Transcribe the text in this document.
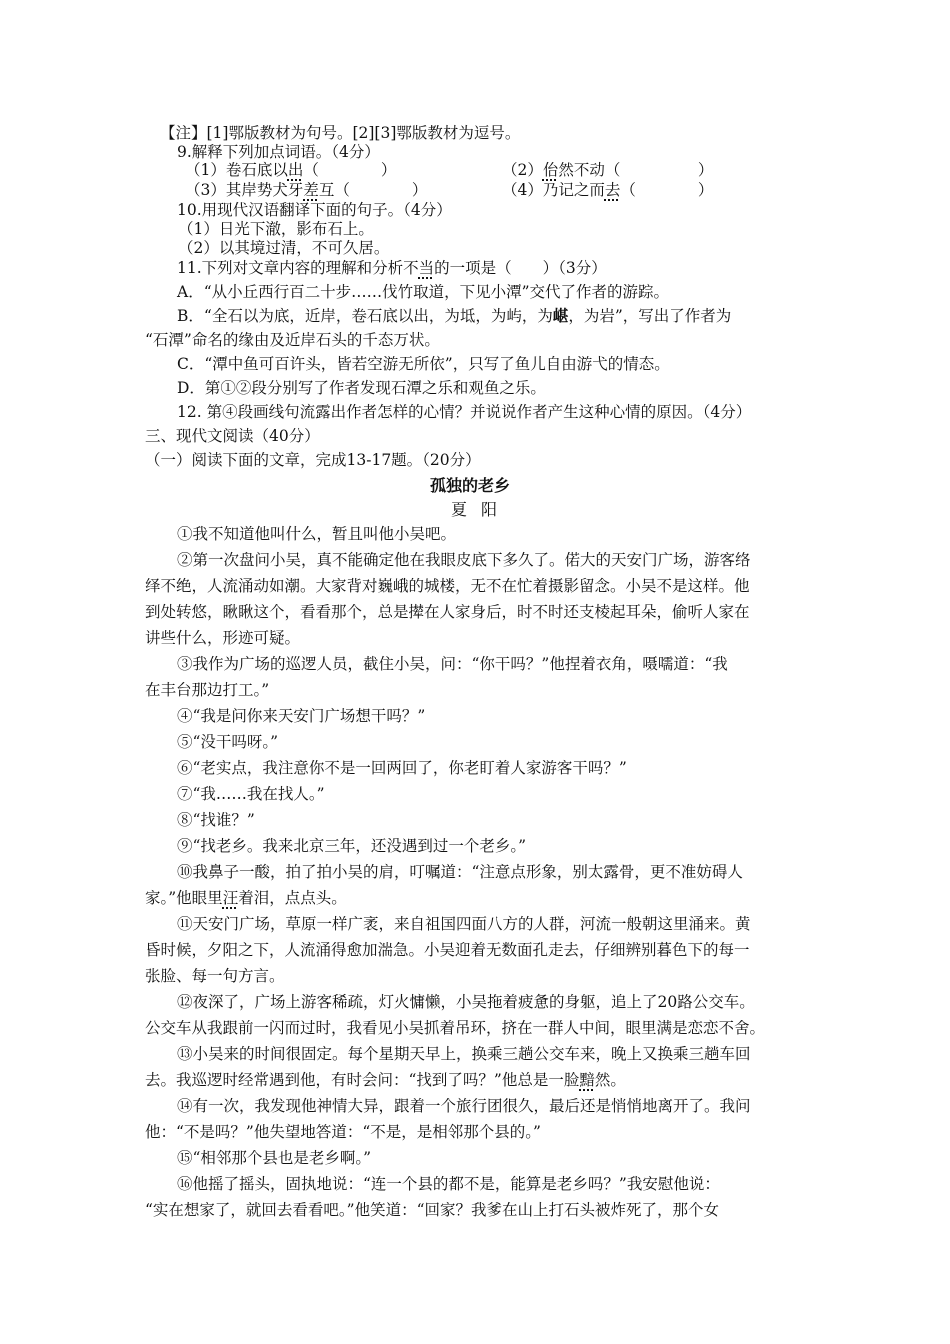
【注】[1]鄂版教材为句号。[2][3]鄂版教材为逗号。
9.解释下列加点词语。（4分）
（1）卷石底以出（　　　　）	（2）佁然不动（　　　　　）
（3）其岸势犬牙差互（　　　　）	（4）乃记之而去（　　　　）
10.用现代汉语翻译下面的句子。（4分）
（1）日光下澈，影布石上。
（2）以其境过清，不可久居。
11.下列对文章内容的理解和分析不当的一项是（　　）（3分）
A．“从小丘西行百二十步……伐竹取道，下见小潭”交代了作者的游踪。
B．“全石以为底，近岸，卷石底以出，为坻，为屿，为嵁，为岩”，写出了作者为
“石潭”命名的缘由及近岸石头的千态万状。
C．“潭中鱼可百许头，皆若空游无所依”，只写了鱼儿自由游弋的情态。
D．第①②段分别写了作者发现石潭之乐和观鱼之乐。
12. 第④段画线句流露出作者怎样的心情？并说说作者产生这种心情的原因。（4分）
三、现代文阅读（40分）
（一）阅读下面的文章，完成13-17题。（20分）
孤独的老乡
夏阳
①我不知道他叫什么，暂且叫他小吴吧。
②第一次盘问小吴，真不能确定他在我眼皮底下多久了。偌大的天安门广场，游客络
绎不绝，人流涌动如潮。大家背对巍峨的城楼，无不在忙着摄影留念。小吴不是这样。他
到处转悠，瞅瞅这个，看看那个，总是撵在人家身后，时不时还支棱起耳朵，偷听人家在
讲些什么，形迹可疑。
③我作为广场的巡逻人员，截住小吴，问：“你干吗？”他捏着衣角，嗫嚅道：“我
在丰台那边打工。”
④“我是问你来天安门广场想干吗？”
⑤“没干吗呀。”
⑥“老实点，我注意你不是一回两回了，你老盯着人家游客干吗？”
⑦“我……我在找人。”
⑧“找谁？”
⑨“找老乡。我来北京三年，还没遇到过一个老乡。”
⑩我鼻子一酸，拍了拍小吴的肩，叮嘱道：“注意点形象，别太露骨，更不准妨碍人
家。”他眼里汪着泪，点点头。
⑪天安门广场，草原一样广袤，来自祖国四面八方的人群，河流一般朝这里涌来。黄
昏时候，夕阳之下，人流涌得愈加湍急。小吴迎着无数面孔走去，仔细辨别暮色下的每一
张脸、每一句方言。
⑫夜深了，广场上游客稀疏，灯火慵懒，小吴拖着疲惫的身躯，追上了20路公交车。
公交车从我跟前一闪而过时，我看见小吴抓着吊环，挤在一群人中间，眼里满是恋恋不舍。
⑬小吴来的时间很固定。每个星期天早上，换乘三趟公交车来，晚上又换乘三趟车回
去。我巡逻时经常遇到他，有时会问：“找到了吗？”他总是一脸黯然。
⑭有一次，我发现他神情大异，跟着一个旅行团很久，最后还是悄悄地离开了。我问
他：“不是吗？”他失望地答道：“不是，是相邻那个县的。”
⑮“相邻那个县也是老乡啊。”
⑯他摇了摇头，固执地说：“连一个县的都不是，能算是老乡吗？”我安慰他说：
“实在想家了，就回去看看吧。”他笑道：“回家？我爹在山上打石头被炸死了，那个女
